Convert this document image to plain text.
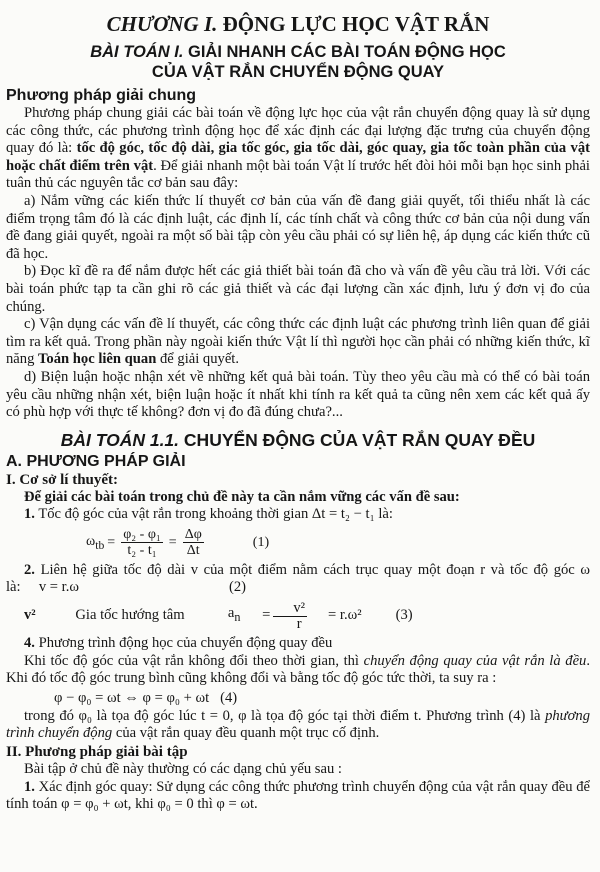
CHƯƠNG I. ĐỘNG LỰC HỌC VẬT RẮN
BÀI TOÁN I. GIẢI NHANH CÁC BÀI TOÁN ĐỘNG HỌC
CỦA VẬT RẮN CHUYỂN ĐỘNG QUAY
Phương pháp giải chung

Phương pháp chung giải các bài toán về động lực học của vật rắn chuyển động quay là sử dụng các công thức, các phương trình động học để xác định các đại lượng đặc trưng của chuyển động quay đó là: tốc độ góc, tốc độ dài, gia tốc góc, gia tốc dài, góc quay, gia tốc toàn phần của vật hoặc chất điểm trên vật. Để giải nhanh một bài toán Vật lí trước hết đòi hỏi mỗi bạn học sinh phải tuân thủ các nguyên tắc cơ bản sau đây:

a) Nắm vững các kiến thức lí thuyết cơ bản của vấn đề đang giải quyết, tối thiểu nhất là các điểm trọng tâm đó là các định luật, các định lí, các tính chất và công thức cơ bản của nội dung vấn đề đang giải quyết, ngoài ra một số bài tập còn yêu cầu phải có sự liên hệ, áp dụng các kiến thức cũ đã học.

b) Đọc kĩ đề ra để nắm được hết các giả thiết bài toán đã cho và vấn đề yêu cầu trả lời. Với các bài toán phức tạp ta cần ghi rõ các giả thiết và các đại lượng cần xác định, lưu ý đơn vị đo của chúng.

c) Vận dụng các vấn đề lí thuyết, các công thức các định luật các phương trình liên quan để giải tìm ra kết quả. Trong phần này ngoài kiến thức Vật lí thì người học cần phải có những kiến thức, kĩ năng Toán học liên quan để giải quyết.

d) Biện luận hoặc nhận xét về những kết quả bài toán. Tùy theo yêu cầu mà có thể có bài toán yêu cầu những nhận xét, biện luận hoặc ít nhất khi tính ra kết quả ta cũng nên xem các kết quả ấy có phù hợp với thực tế không? đơn vị đo đã đúng chưa?...

BÀI TOÁN 1.1. CHUYỂN ĐỘNG CỦA VẬT RẮN QUAY ĐỀU
A. PHƯƠNG PHÁP GIẢI
I. Cơ sở lí thuyết:

Để giải các bài toán trong chủ đề này ta cần nắm vững các vấn đề sau:

1. Tốc độ góc của vật rắn trong khoảng thời gian Δt = t₂ − t₁ là:

$\omega_{tb} = \frac{\text{φ₂ - φ₁}}{\text{t₂ - t₁}} = \frac{\Delta\varphi}{\Delta t}$	(1)

2. Liên hệ giữa tốc độ dài v của một điểm nằm cách trục quay một đoạn r và tốc độ góc ω là: v = r.ω	(2)

v²
	Gia tốc hướng tâm
	$a_n = \frac{\text{v²}}{r}$	= r.ω²	(3)

4. Phương trình động học của chuyển động quay đều

Khi tốc độ góc của vật rắn không đổi theo thời gian, thì chuyển động quay của vật rắn là đều. Khi đó tốc độ góc trung bình cũng không đổi và bằng tốc độ góc tức thời, ta suy ra :

φ − φ₀ = ωt ⇔ φ = φ₀ + ωt (4)

trong đó φ₀ là tọa độ góc lúc t = 0, φ là tọa độ góc tại thời điểm t. Phương trình (4) là phương trình chuyển động của vật rắn quay đều quanh một trục cố định.

II. Phương pháp giải bài tập

Bài tập ở chủ đề này thường có các dạng chủ yếu sau :

1. Xác định góc quay: Sử dụng các công thức phương trình chuyển động của vật rắn quay đều để tính toán φ = φ₀ + ωt, khi φ₀ = 0 thì φ = ωt.
